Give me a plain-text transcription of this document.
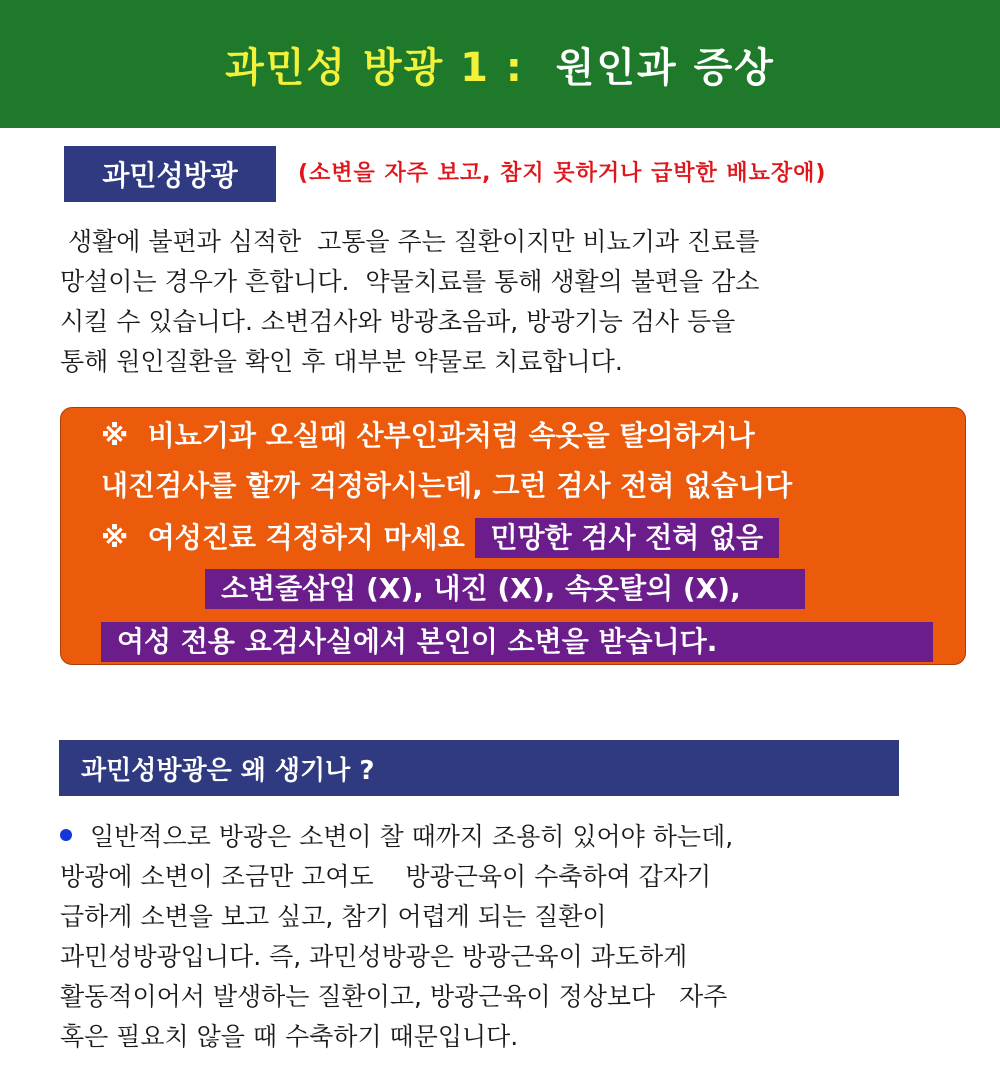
과민성 방광 1 : 원인과 증상
과민성방광	(소변을 자주 보고, 참지 못하거나 급박한 배뇨장애)
생활에 불편과 심적한  고통을 주는 질환이지만 비뇨기과 진료를
망설이는 경우가 흔합니다.  약물치료를 통해 생활의 불편을 감소
시킬 수 있습니다. 소변검사와 방광초음파, 방광기능 검사 등을
통해 원인질환을 확인 후 대부분 약물로 치료합니다.
※  비뇨기과 오실때 산부인과처럼 속옷을 탈의하거나
내진검사를 할까 걱정하시는데, 그런 검사 전혀 없습니다
※  여성진료 걱정하지 마세요 민망한 검사 전혀 없음
소변줄삽입 (X), 내진 (X), 속옷탈의 (X),
여성 전용 요검사실에서 본인이 소변을 받습니다.
과민성방광은 왜 생기나 ?
일반적으로 방광은 소변이 찰 때까지 조용히 있어야 하는데,
방광에 소변이 조금만 고여도    방광근육이 수축하여 갑자기
급하게 소변을 보고 싶고, 참기 어렵게 되는 질환이
과민성방광입니다. 즉, 과민성방광은 방광근육이 과도하게
활동적이어서 발생하는 질환이고, 방광근육이 정상보다   자주
혹은 필요치 않을 때 수축하기 때문입니다.
